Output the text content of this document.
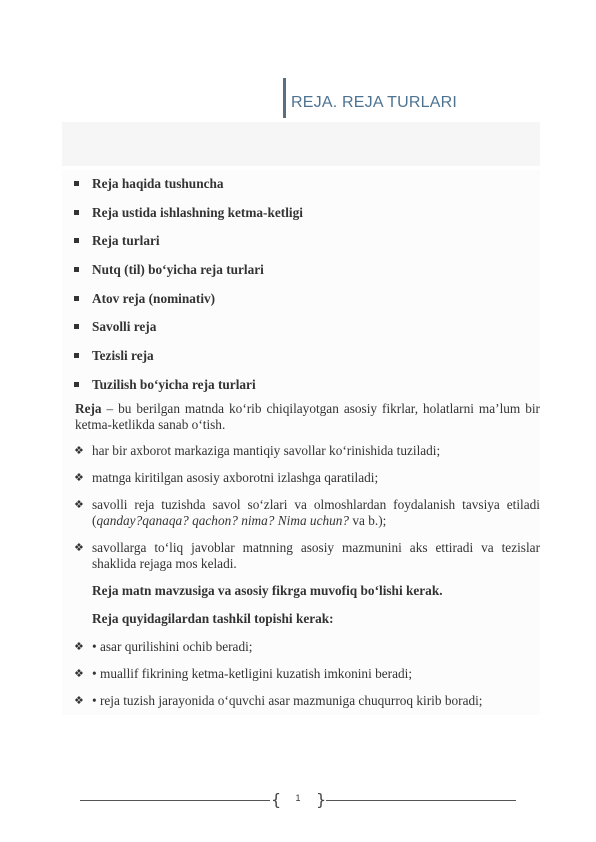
REJA. REJA TURLARI
Reja haqida tushuncha
Reja ustida ishlashning ketma-ketligi
Reja turlari
Nutq (til) bo‘yicha reja turlari
Atov reja (nominativ)
Savolli reja
Tezisli reja
Tuzilish bo‘yicha reja turlari
Reja – bu berilgan matnda ko‘rib chiqilayotgan asosiy fikrlar, holatlarni ma’lum bir ketma-ketlikda sanab o‘tish.
❖ har bir axborot markaziga mantiqiy savollar ko‘rinishida tuziladi;
❖ matnga kiritilgan asosiy axborotni izlashga qaratiladi;
❖ savolli reja tuzishda savol so‘zlari va olmoshlardan foydalanish tavsiya etiladi (qanday?qanaqa? qachon? nima? Nima uchun? va b.);
❖ savollarga to‘liq javoblar matnning asosiy mazmunini aks ettiradi va tezislar shaklida rejaga mos keladi.
Reja matn mavzusiga va asosiy fikrga muvofiq bo‘lishi kerak.
Reja quyidagilardan tashkil topishi kerak:
❖ • asar qurilishini ochib beradi;
❖ • muallif fikrining ketma-ketligini kuzatish imkonini beradi;
❖ • reja tuzish jarayonida o‘quvchi asar mazmuniga chuqurroq kirib boradi;
{	1 }
